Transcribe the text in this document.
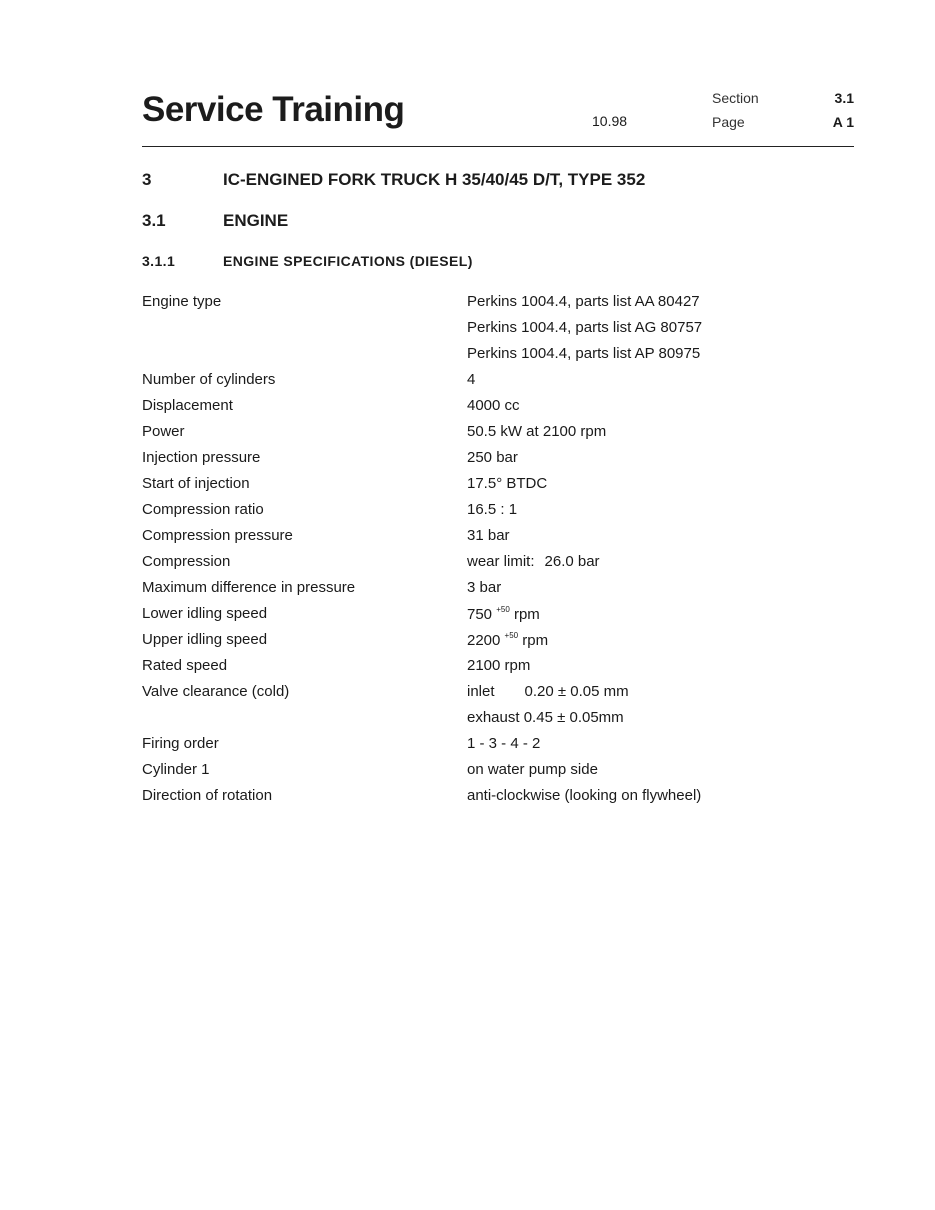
Service Training	10.98
Section	3.1
Page	A 1
3	IC-ENGINED FORK TRUCK H 35/40/45 D/T, TYPE 352
3.1	ENGINE
3.1.1	ENGINE SPECIFICATIONS (DIESEL)
Engine type	Perkins 1004.4, parts list AA 80427
Perkins 1004.4, parts list AG 80757
Perkins 1004.4, parts list AP 80975
Number of cylinders	4
Displacement	4000 cc
Power	50.5 kW at 2100 rpm
Injection pressure	250 bar
Start of injection	17.5° BTDC
Compression ratio	16.5 : 1
Compression pressure	31 bar
Compression	wear limit: 26.0 bar
Maximum difference in pressure	3 bar
Lower idling speed	750 $^{+50}$ rpm
Upper idling speed	2200 $^{+50}$ rpm
Rated speed	2100 rpm
Valve clearance (cold)	inlet 0.20 ± 0.05 mm
exhaust 0.45 ± 0.05mm
Firing order	1 - 3 - 4 - 2
Cylinder 1	on water pump side
Direction of rotation	anti-clockwise (looking on flywheel)
